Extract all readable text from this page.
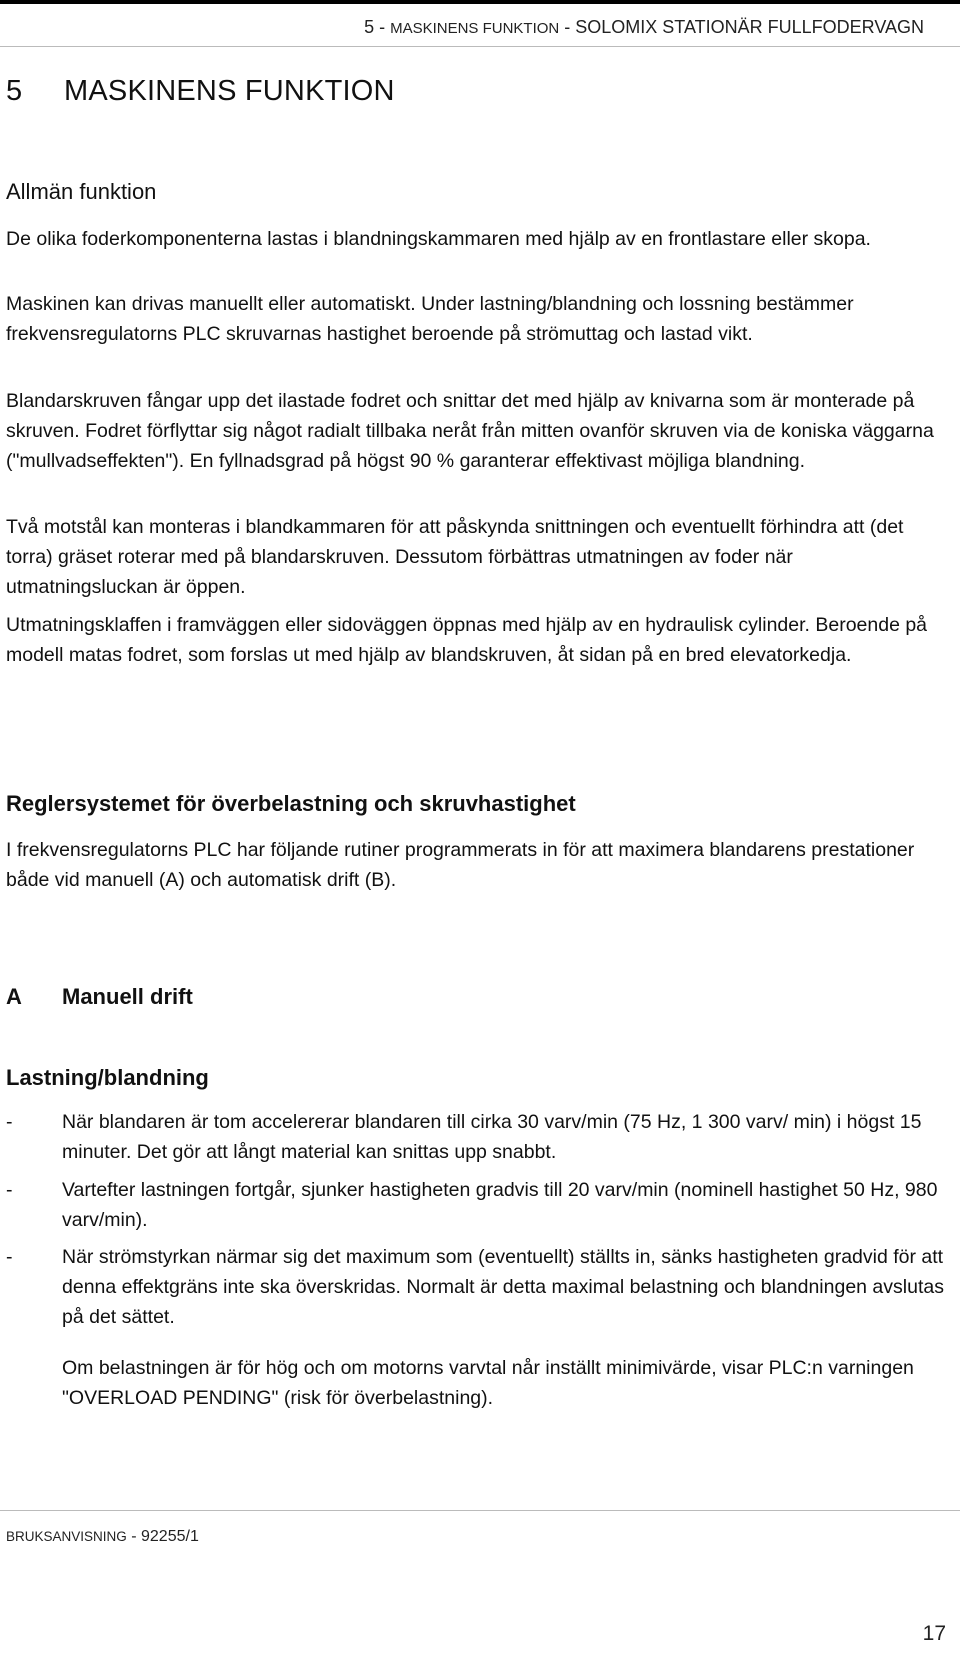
5 - MASKINENS FUNKTION - SOLOMIX STATIONÄR FULLFODERVAGN
5 MASKINENS FUNKTION
Allmän funktion

De olika foderkomponenterna lastas i blandningskammaren med hjälp av en frontlastare eller skopa.

Maskinen kan drivas manuellt eller automatiskt. Under lastning/blandning och lossning bestämmer frekvensregulatorns PLC skruvarnas hastighet beroende på strömuttag och lastad vikt.

Blandarskruven fångar upp det ilastade fodret och snittar det med hjälp av knivarna som är monterade på skruven. Fodret förflyttar sig något radialt tillbaka neråt från mitten ovanför skruven via de koniska väggarna ("mullvadseffekten"). En fyllnadsgrad på högst 90 % garanterar effektivast möjliga blandning.

Två motstål kan monteras i blandkammaren för att påskynda snittningen och eventuellt förhindra att (det torra) gräset roterar med på blandarskruven. Dessutom förbättras utmatningen av foder när utmatningsluckan är öppen.

Utmatningsklaffen i framväggen eller sidoväggen öppnas med hjälp av en hydraulisk cylinder. Beroende på modell matas fodret, som forslas ut med hjälp av blandskruven, åt sidan på en bred elevatorkedja.

Reglersystemet för överbelastning och skruvhastighet

I frekvensregulatorns PLC har följande rutiner programmerats in för att maximera blandarens prestationer både vid manuell (A) och automatisk drift (B).

A Manuell drift
Lastning/blandning
-	När blandaren är tom accelererar blandaren till cirka 30 varv/min (75 Hz, 1 300 varv/ min) i högst 15 minuter. Det gör att långt material kan snittas upp snabbt.
-	Vartefter lastningen fortgår, sjunker hastigheten gradvis till 20 varv/min (nominell hastighet 50 Hz, 980 varv/min).
-	När strömstyrkan närmar sig det maximum som (eventuellt) ställts in, sänks hastigheten gradvid för att denna effektgräns inte ska överskridas. Normalt är detta maximal belastning och blandningen avslutas på det sättet.

Om belastningen är för hög och om motorns varvtal når inställt minimivärde, visar PLC:n varningen "OVERLOAD PENDING" (risk för överbelastning).

BRUKSANVISNING - 92255/1
17
